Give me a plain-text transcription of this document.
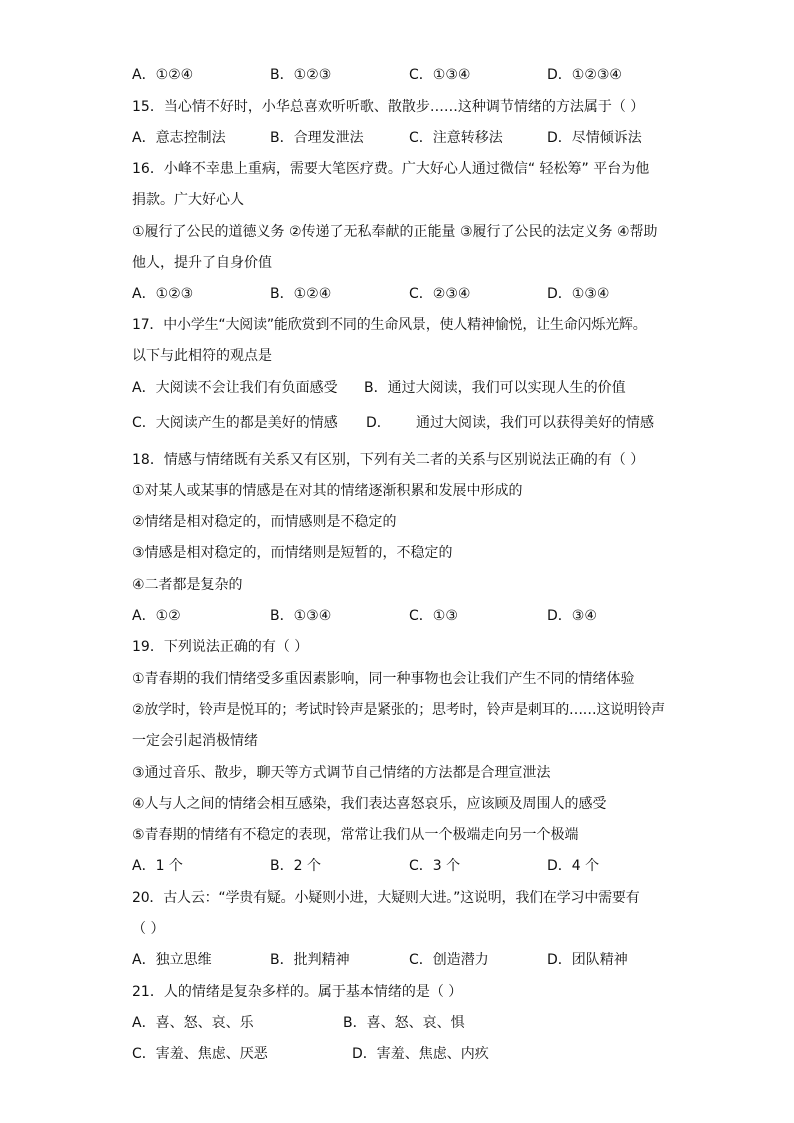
A．①②④	B．①②③	C．①③④	D．①②③④
15．当心情不好时，小华总喜欢听听歌、散散步……这种调节情绪的方法属于（ ）
A．意志控制法	B．合理发泄法	C．注意转移法	D．尽情倾诉法
16．小峰不幸患上重病，需要大笔医疗费。广大好心人通过微信“ 轻松筹” 平台为他
捐款。广大好心人
①履行了公民的道德义务 ②传递了无私奉献的正能量 ③履行了公民的法定义务 ④帮助
他人，提升了自身价值
A．①②③	B．①②④	C．②③④	D．①③④
17．中小学生“大阅读”能欣赏到不同的生命风景，使人精神愉悦，让生命闪烁光辉。
以下与此相符的观点是
A．大阅读不会让我们有负面感受 B．通过大阅读，我们可以实现人生的价值
C．大阅读产生的都是美好的情感 D． 通过大阅读，我们可以获得美好的情感
18．情感与情绪既有关系又有区别，下列有关二者的关系与区别说法正确的有（ ）
①对某人或某事的情感是在对其的情绪逐渐积累和发展中形成的
②情绪是相对稳定的，而情感则是不稳定的
③情感是相对稳定的，而情绪则是短暂的，不稳定的
④二者都是复杂的
A．①②	B．①③④	C．①③	D．③④
19．下列说法正确的有（ ）
①青春期的我们情绪受多重因素影响，同一种事物也会让我们产生不同的情绪体验
②放学时，铃声是悦耳的；考试时铃声是紧张的；思考时，铃声是刺耳的……这说明铃声
一定会引起消极情绪
③通过音乐、散步，聊天等方式调节自己情绪的方法都是合理宣泄法
④人与人之间的情绪会相互感染，我们表达喜怒哀乐，应该顾及周围人的感受
⑤青春期的情绪有不稳定的表现，常常让我们从一个极端走向另一个极端
A．1 个	B．2 个	C．3 个	D．4 个
20．古人云：“学贵有疑。小疑则小进，大疑则大进。”这说明，我们在学习中需要有
（ ）
A．独立思维	B．批判精神	C．创造潜力	D．团队精神
21．人的情绪是复杂多样的。属于基本情绪的是（ ）
A．喜、怒、哀、乐	B．喜、怒、哀、惧
C．害羞、焦虑、厌恶	D．害羞、焦虑、内疚
